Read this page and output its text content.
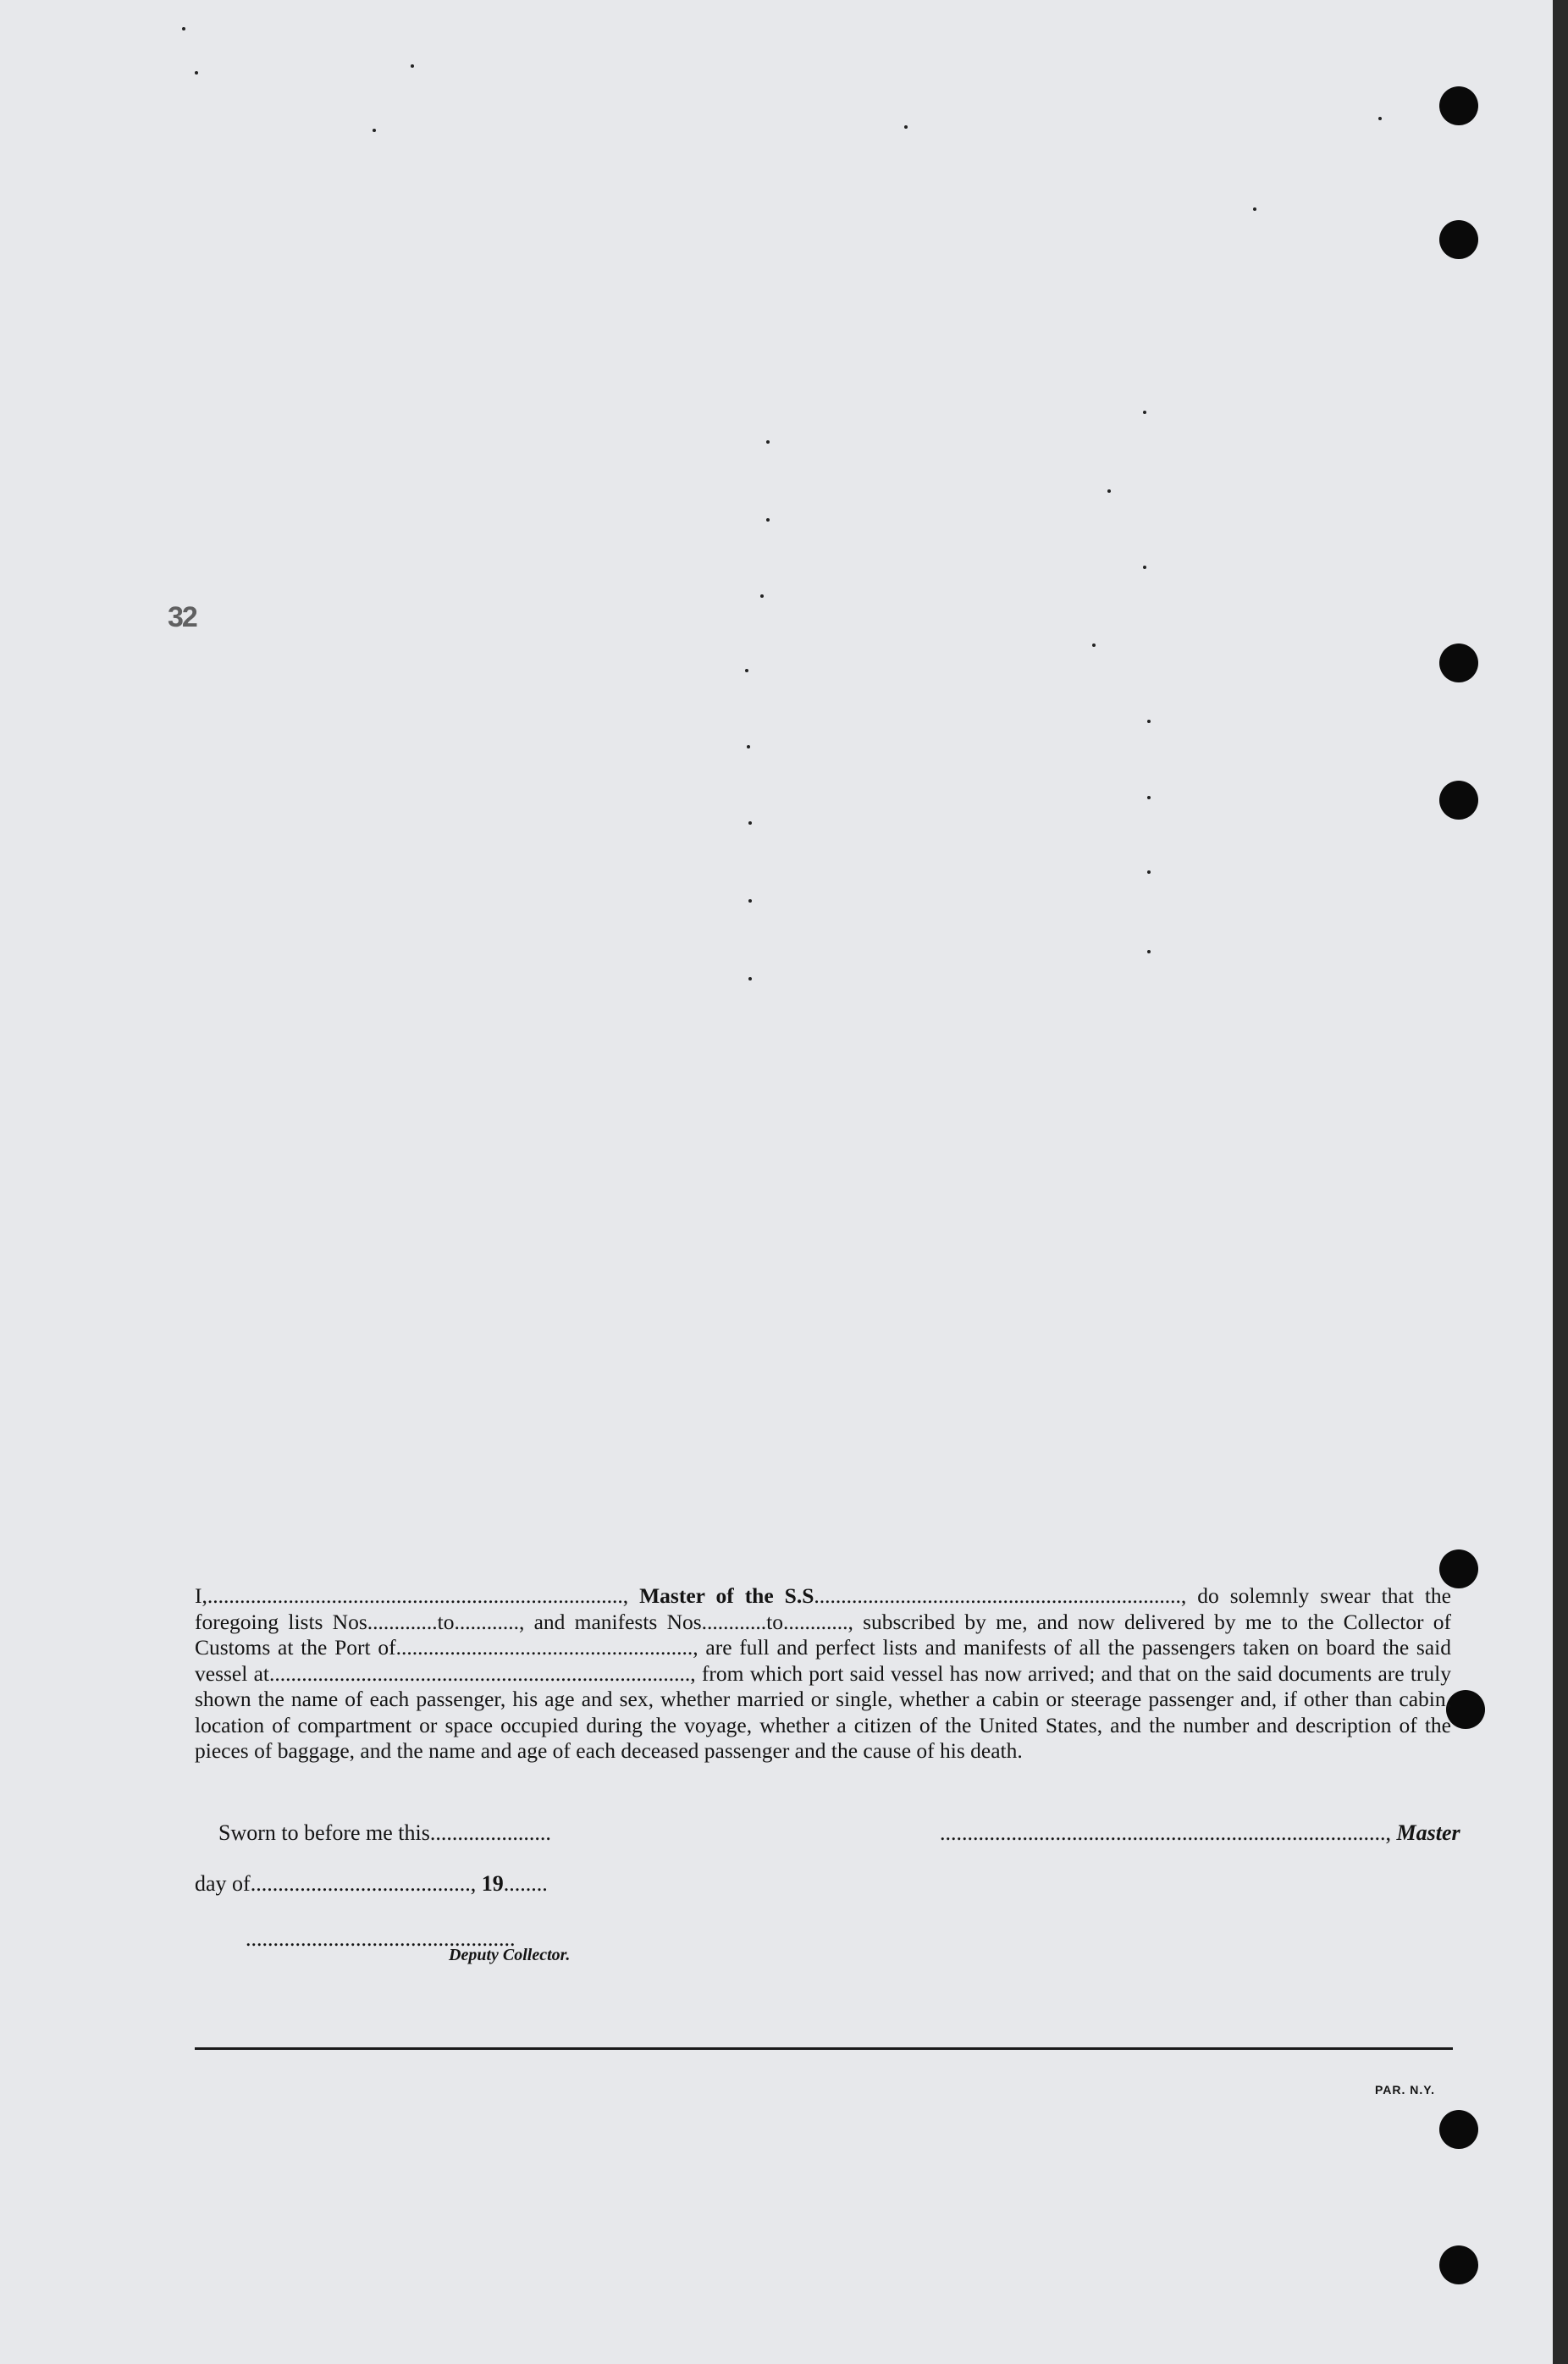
32
I,............................................................................., Master of the S.S...................................................................., do solemnly swear that the foregoing lists Nos.............to............, and manifests Nos............to............, subscribed by me, and now delivered by me to the Collector of Customs at the Port of......................................................., are full and perfect lists and manifests of all the passengers taken on board the said vessel at.............................................................................., from which port said vessel has now arrived; and that on the said documents are truly shown the name of each passenger, his age and sex, whether married or single, whether a cabin or steerage passenger and, if other than cabin, location of compartment or space occupied during the voyage, whether a citizen of the United States, and the number and description of the pieces of baggage, and the name and age of each deceased passenger and the cause of his death.
Sworn to before me this......................	................................................................................., Master
day of........................................, 19........
.................................................
Deputy Collector.
PAR. N.Y.
